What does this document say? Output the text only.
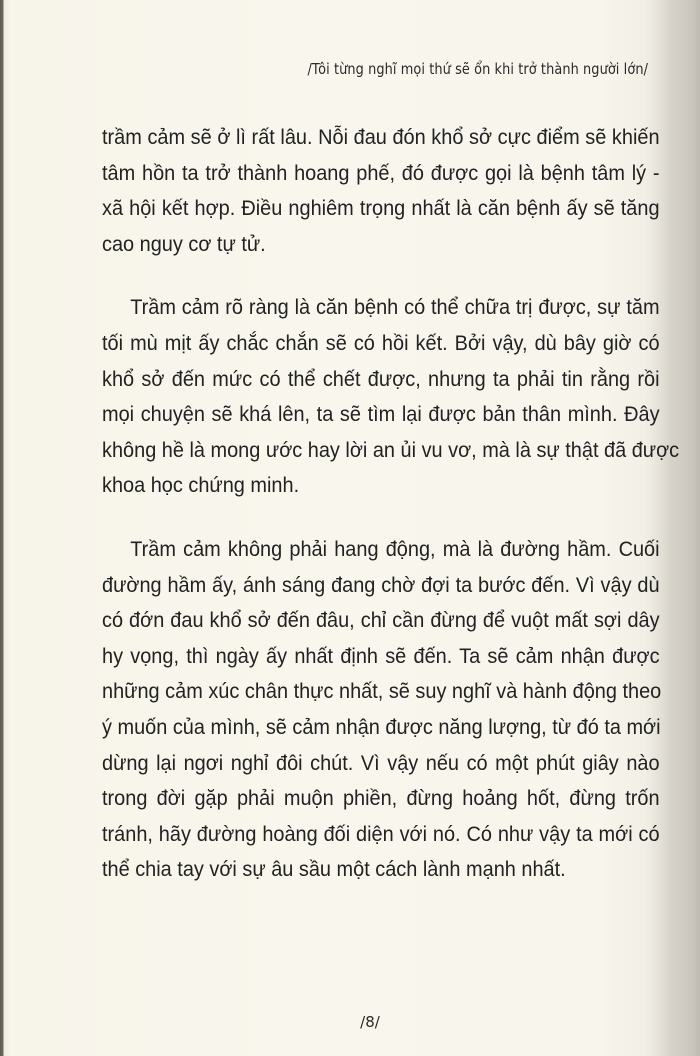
/Tôi từng nghĩ mọi thứ sẽ ổn khi trở thành người lớn/

trầm cảm sẽ ở lì rất lâu. Nỗi đau đón khổ sở cực điểm sẽ khiến
tâm hồn ta trở thành hoang phế, đó được gọi là bệnh tâm lý -
xã hội kết hợp. Điều nghiêm trọng nhất là căn bệnh ấy sẽ tăng
cao nguy cơ tự tử.

Trầm cảm rõ ràng là căn bệnh có thể chữa trị được, sự tăm
tối mù mịt ấy chắc chắn sẽ có hồi kết. Bởi vậy, dù bây giờ có
khổ sở đến mức có thể chết được, nhưng ta phải tin rằng rồi
mọi chuyện sẽ khá lên, ta sẽ tìm lại được bản thân mình. Đây
không hề là mong ước hay lời an ủi vu vơ, mà là sự thật đã được
khoa học chứng minh.

Trầm cảm không phải hang động, mà là đường hầm. Cuối
đường hầm ấy, ánh sáng đang chờ đợi ta bước đến. Vì vậy dù
có đớn đau khổ sở đến đâu, chỉ cần đừng để vuột mất sợi dây
hy vọng, thì ngày ấy nhất định sẽ đến. Ta sẽ cảm nhận được
những cảm xúc chân thực nhất, sẽ suy nghĩ và hành động theo
ý muốn của mình, sẽ cảm nhận được năng lượng, từ đó ta mới
dừng lại ngơi nghỉ đôi chút. Vì vậy nếu có một phút giây nào
trong đời gặp phải muộn phiền, đừng hoảng hốt, đừng trốn
tránh, hãy đường hoàng đối diện với nó. Có như vậy ta mới có
thể chia tay với sự âu sầu một cách lành mạnh nhất.

/8/
